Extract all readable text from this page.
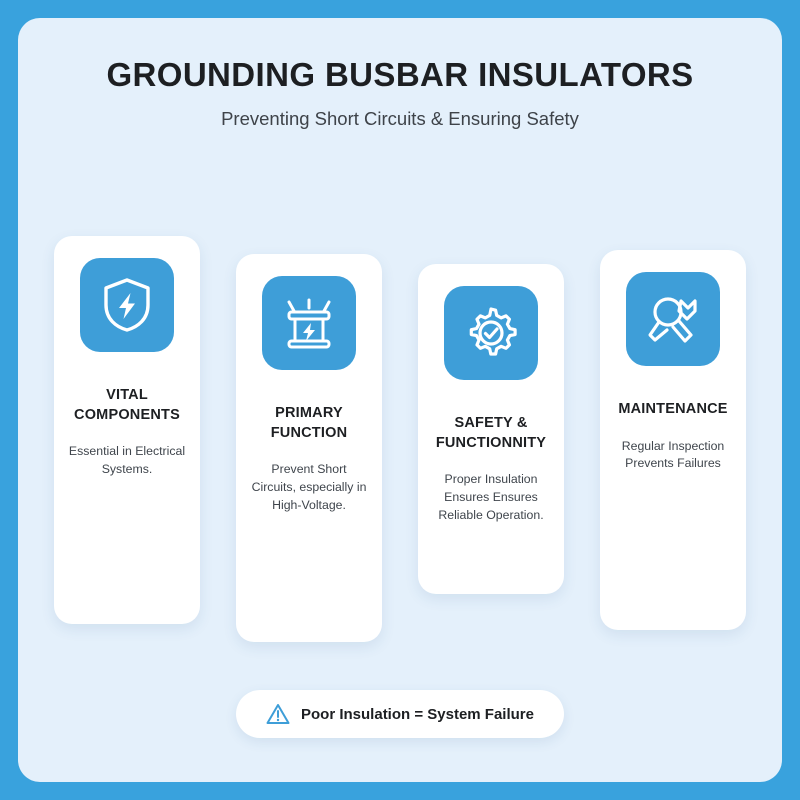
GROUNDING BUSBAR INSULATORS
Preventing Short Circuits & Ensuring Safety
VITAL COMPONENTS
Essential in Electrical Systems.
PRIMARY FUNCTION
Prevent Short Circuits, especially in High-Voltage.
SAFETY & FUNCTIONNITY
Proper Insulation Ensures Ensures Reliable Operation.
MAINTENANCE
Regular Inspection Prevents Failures
Poor Insulation = System Failure
